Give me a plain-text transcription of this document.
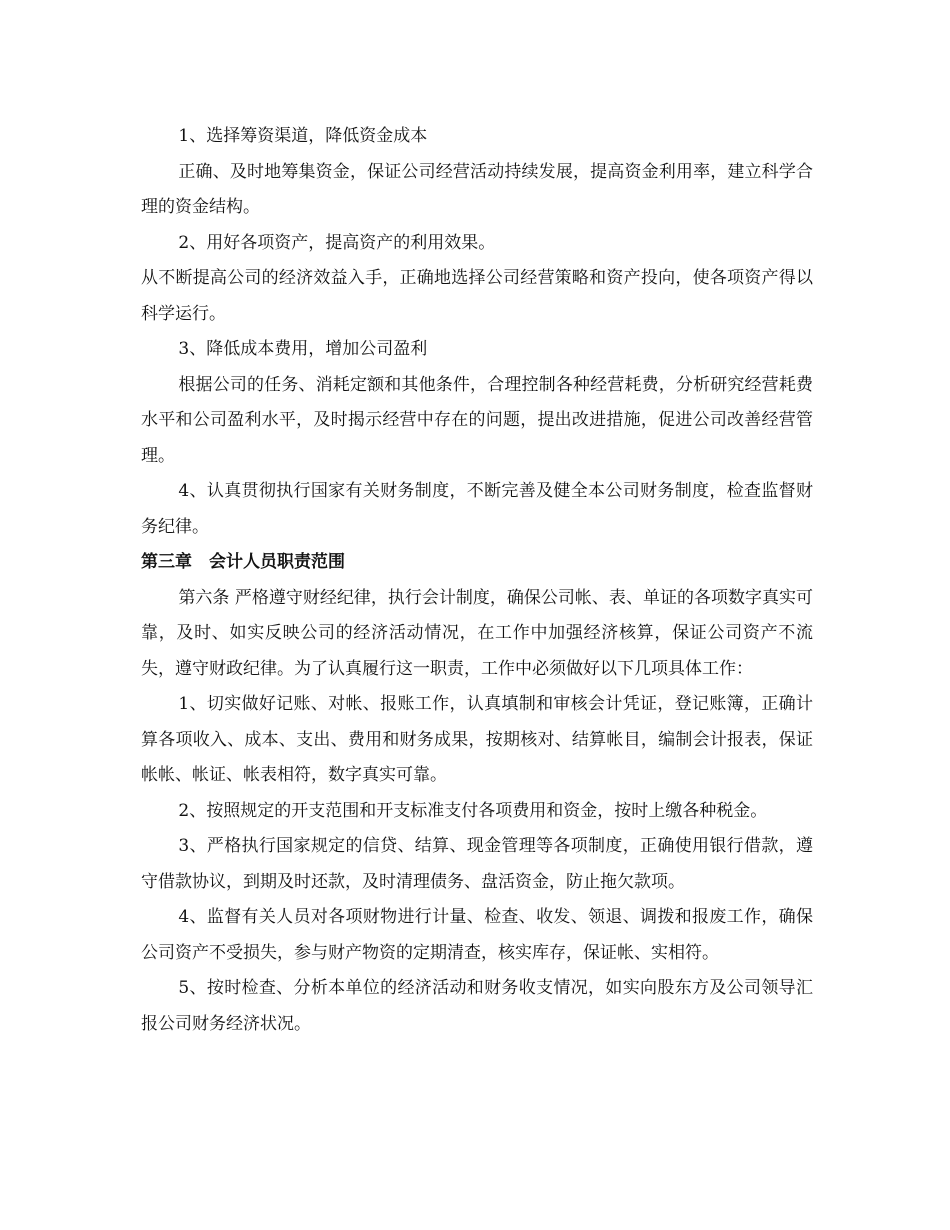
1、选择筹资渠道，降低资金成本

正确、及时地筹集资金，保证公司经营活动持续发展，提高资金利用率，建立科学合理的资金结构。

2、用好各项资产，提高资产的利用效果。

从不断提高公司的经济效益入手，正确地选择公司经营策略和资产投向，使各项资产得以科学运行。

3、降低成本费用，增加公司盈利

根据公司的任务、消耗定额和其他条件，合理控制各种经营耗费，分析研究经营耗费水平和公司盈利水平，及时揭示经营中存在的问题，提出改进措施，促进公司改善经营管理。

4、认真贯彻执行国家有关财务制度，不断完善及健全本公司财务制度，检查监督财务纪律。

第三章　会计人员职责范围

第六条 严格遵守财经纪律，执行会计制度，确保公司帐、表、单证的各项数字真实可靠，及时、如实反映公司的经济活动情况，在工作中加强经济核算，保证公司资产不流失，遵守财政纪律。为了认真履行这一职责，工作中必须做好以下几项具体工作：

1、切实做好记账、对帐、报账工作，认真填制和审核会计凭证，登记账簿，正确计算各项收入、成本、支出、费用和财务成果，按期核对、结算帐目，编制会计报表，保证帐帐、帐证、帐表相符，数字真实可靠。

2、按照规定的开支范围和开支标准支付各项费用和资金，按时上缴各种税金。

3、严格执行国家规定的信贷、结算、现金管理等各项制度，正确使用银行借款，遵守借款协议，到期及时还款，及时清理债务、盘活资金，防止拖欠款项。

4、监督有关人员对各项财物进行计量、检查、收发、领退、调拨和报废工作，确保公司资产不受损失，参与财产物资的定期清查，核实库存，保证帐、实相符。

5、按时检查、分析本单位的经济活动和财务收支情况，如实向股东方及公司领导汇报公司财务经济状况。
